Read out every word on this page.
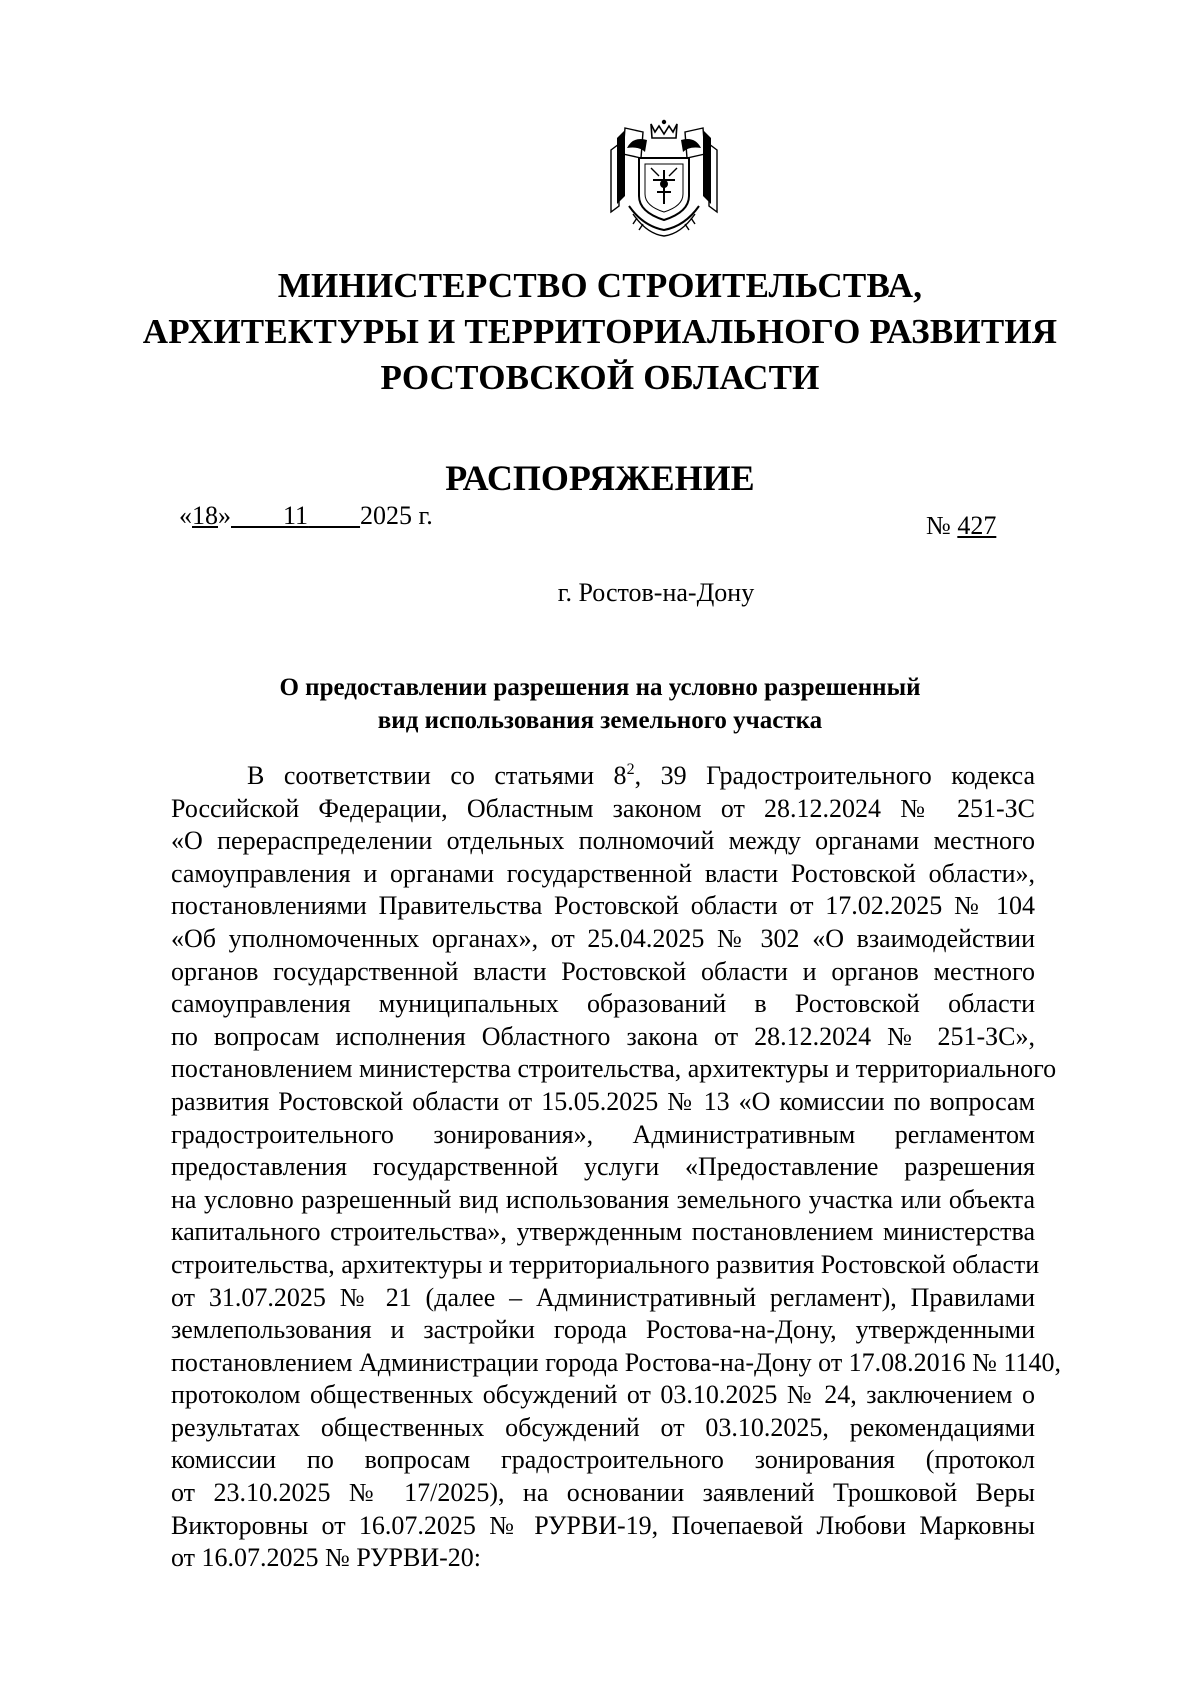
МИНИСТЕРСТВО СТРОИТЕЛЬСТВА,
АРХИТЕКТУРЫ И ТЕРРИТОРИАЛЬНОГО РАЗВИТИЯ
РОСТОВСКОЙ ОБЛАСТИ
РАСПОРЯЖЕНИЕ
«18» 11 2025 г.	№ 427
г. Ростов-на-Дону
О предоставлении разрешения на условно разрешенный
вид использования земельного участка
В соответствии со статьями $8^2$, 39 Градостроительного кодекса
Российской Федерации, Областным законом от 28.12.2024 № 251-ЗС
«О перераспределении отдельных полномочий между органами местного
самоуправления и органами государственной власти Ростовской области»,
постановлениями Правительства Ростовской области от 17.02.2025 № 104
«Об уполномоченных органах», от 25.04.2025 № 302 «О взаимодействии
органов государственной власти Ростовской области и органов местного
самоуправления муниципальных образований в Ростовской области
по вопросам исполнения Областного закона от 28.12.2024 № 251-ЗС»,
постановлением министерства строительства, архитектуры и территориального
развития Ростовской области от 15.05.2025 № 13 «О комиссии по вопросам
градостроительного зонирования», Административным регламентом
предоставления государственной услуги «Предоставление разрешения
на условно разрешенный вид использования земельного участка или объекта
капитального строительства», утвержденным постановлением министерства
строительства, архитектуры и территориального развития Ростовской области
от 31.07.2025 № 21 (далее – Административный регламент), Правилами
землепользования и застройки города Ростова-на-Дону, утвержденными
постановлением Администрации города Ростова-на-Дону от 17.08.2016 № 1140,
протоколом общественных обсуждений от 03.10.2025 № 24, заключением о
результатах общественных обсуждений от 03.10.2025, рекомендациями
комиссии по вопросам градостроительного зонирования (протокол
от 23.10.2025 № 17/2025), на основании заявлений Трошковой Веры
Викторовны от 16.07.2025 № РУРВИ-19, Почепаевой Любови Марковны
от 16.07.2025 № РУРВИ-20:
